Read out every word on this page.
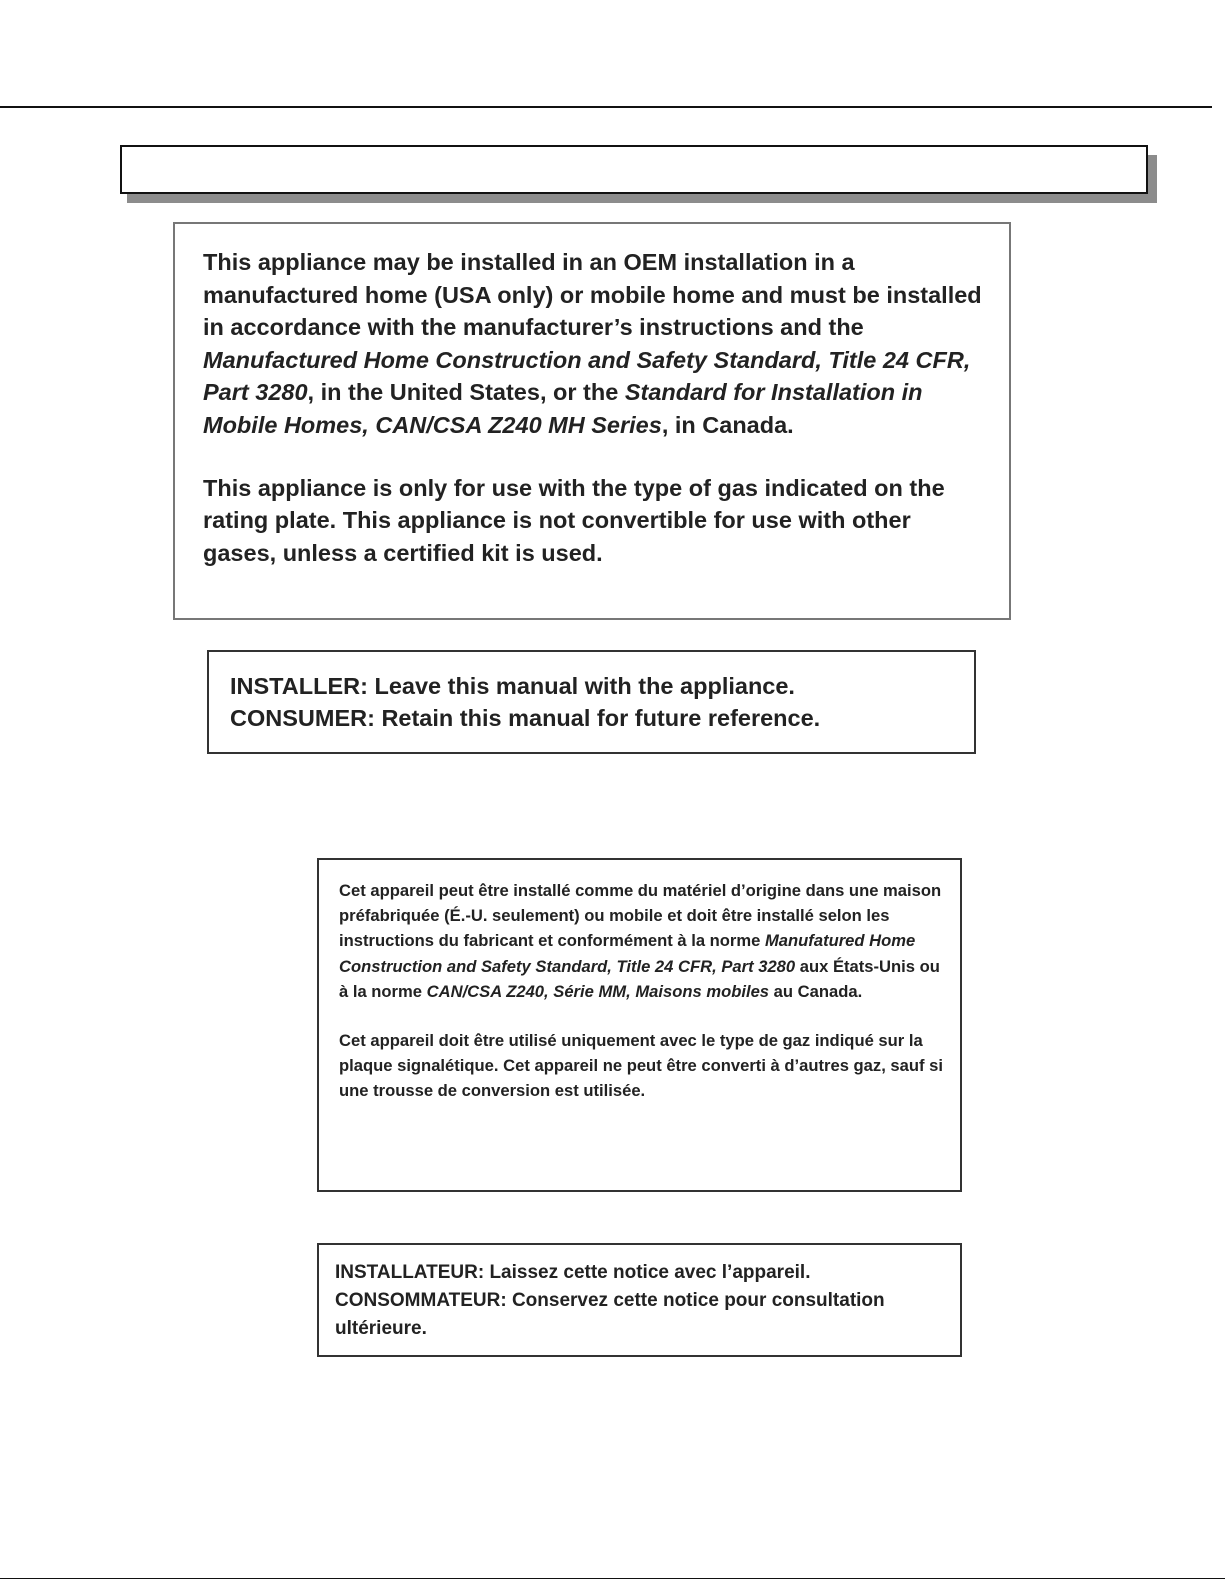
This appliance may be installed in an OEM installation in a manufactured home (USA only) or mobile home and must be installed in accordance with the manufacturer’s instructions and the Manufactured Home Construction and Safety Standard, Title 24 CFR, Part 3280, in the United States, or the Standard for Installation in Mobile Homes, CAN/CSA Z240 MH Series, in Canada.

This appliance is only for use with the type of gas indicated on the rating plate. This appliance is not convertible for use with other gases, unless a certified kit is used.

INSTALLER: Leave this manual with the appliance.
CONSUMER: Retain this manual for future reference.

Cet appareil peut être installé comme du matériel d’origine dans une maison préfabriquée (É.-U. seulement) ou mobile et doit être installé selon les instructions du fabricant et conformément à la norme Manufatured Home Construction and Safety Standard, Title 24 CFR, Part 3280 aux États-Unis ou à la norme CAN/CSA Z240, Série MM, Maisons mobiles au Canada.

Cet appareil doit être utilisé uniquement avec le type de gaz indiqué sur la plaque signalétique. Cet appareil ne peut être converti à d’autres gaz, sauf si une trousse de conversion est utilisée.

INSTALLATEUR: Laissez cette notice avec l’appareil.
CONSOMMATEUR: Conservez cette notice pour consultation ultérieure.
